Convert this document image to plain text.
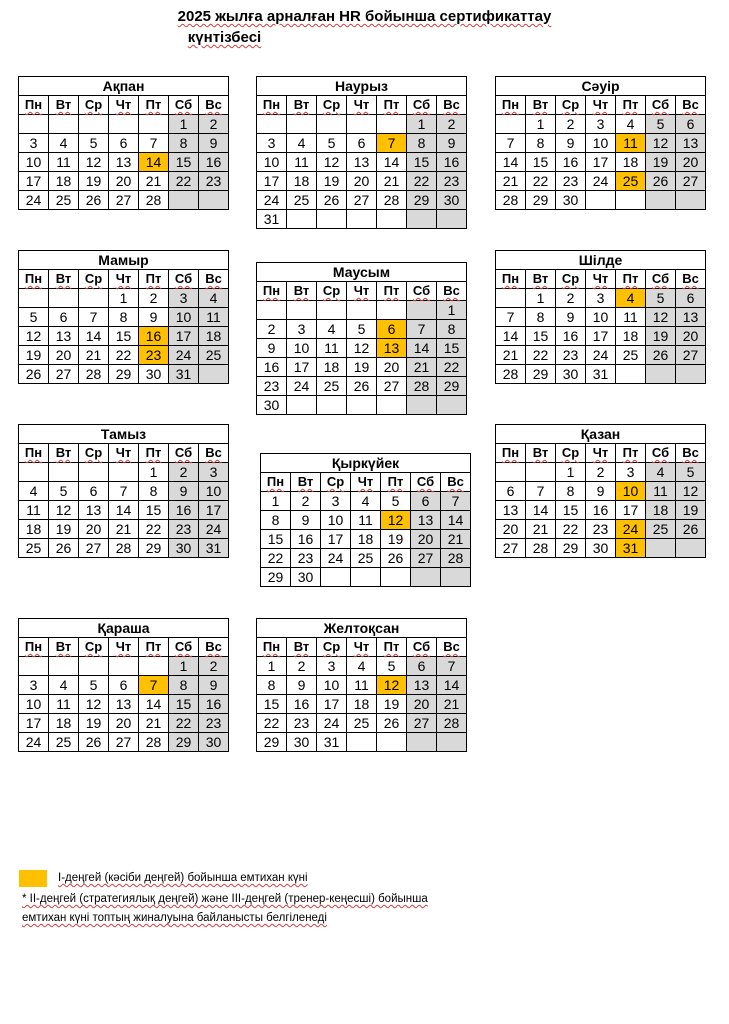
2025 жылға арналған HR бойынша сертификаттау
күнтізбесі
Ақпан						
Пн	Вт	Ср	Чт	Пт	Сб	Вс
					1	2
3	4	5	6	7	8	9
10	11	12	13	14	15	16
17	18	19	20	21	22	23
24	25	26	27	28		
Наурыз						
Пн	Вт	Ср	Чт	Пт	Сб	Вс
					1	2
3	4	5	6	7	8	9
10	11	12	13	14	15	16
17	18	19	20	21	22	23
24	25	26	27	28	29	30
31						
Сәуір						
Пн	Вт	Ср	Чт	Пт	Сб	Вс
	1	2	3	4	5	6
7	8	9	10	11	12	13
14	15	16	17	18	19	20
21	22	23	24	25	26	27
28	29	30				
Мамыр						
Пн	Вт	Ср	Чт	Пт	Сб	Вс
			1	2	3	4
5	6	7	8	9	10	11
12	13	14	15	16	17	18
19	20	21	22	23	24	25
26	27	28	29	30	31	
Маусым						
Пн	Вт	Ср	Чт	Пт	Сб	Вс
						1
2	3	4	5	6	7	8
9	10	11	12	13	14	15
16	17	18	19	20	21	22
23	24	25	26	27	28	29
30						
Шілде						
Пн	Вт	Ср	Чт	Пт	Сб	Вс
	1	2	3	4	5	6
7	8	9	10	11	12	13
14	15	16	17	18	19	20
21	22	23	24	25	26	27
28	29	30	31			
Тамыз						
Пн	Вт	Ср	Чт	Пт	Сб	Вс
				1	2	3
4	5	6	7	8	9	10
11	12	13	14	15	16	17
18	19	20	21	22	23	24
25	26	27	28	29	30	31
Қыркүйек						
Пн	Вт	Ср	Чт	Пт	Сб	Вс
1	2	3	4	5	6	7
8	9	10	11	12	13	14
15	16	17	18	19	20	21
22	23	24	25	26	27	28
29	30					
Қазан						
Пн	Вт	Ср	Чт	Пт	Сб	Вс
		1	2	3	4	5
6	7	8	9	10	11	12
13	14	15	16	17	18	19
20	21	22	23	24	25	26
27	28	29	30	31		
Қараша						
Пн	Вт	Ср	Чт	Пт	Сб	Вс
					1	2
3	4	5	6	7	8	9
10	11	12	13	14	15	16
17	18	19	20	21	22	23
24	25	26	27	28	29	30
Желтоқсан						
Пн	Вт	Ср	Чт	Пт	Сб	Вс
1	2	3	4	5	6	7
8	9	10	11	12	13	14
15	16	17	18	19	20	21
22	23	24	25	26	27	28
29	30	31				
І-деңгей (кәсіби деңгей) бойынша емтихан күні
* ІІ-деңгей (стратегиялық деңгей) және ІІІ-деңгей (тренер-кеңесші) бойынша
емтихан күні топтың жиналуына байланысты белгіленеді
